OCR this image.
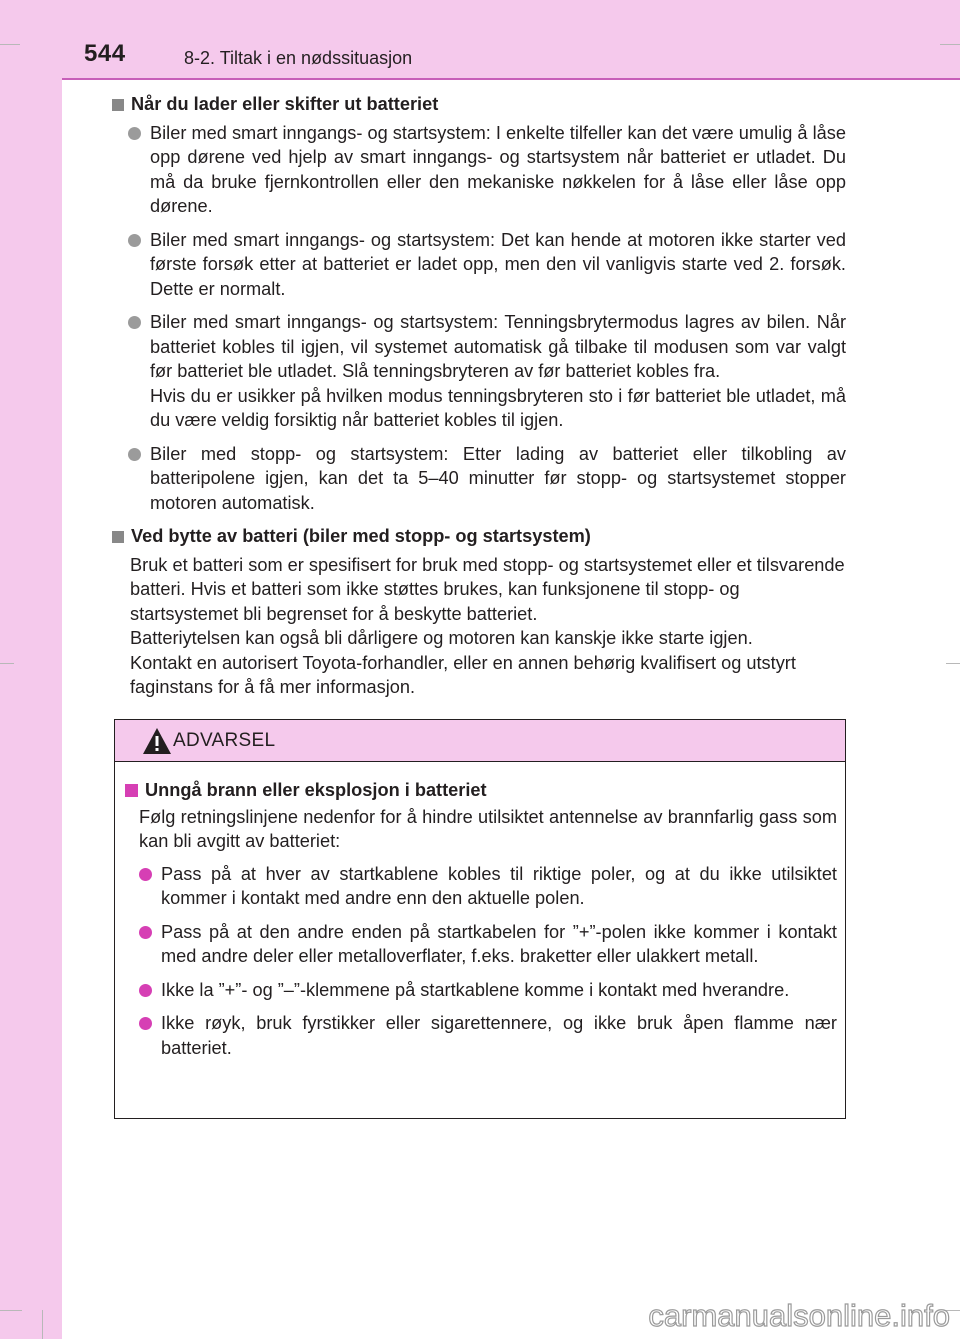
544	8-2. Tiltak i en nødssituasjon
Når du lader eller skifter ut batteriet

Biler med smart inngangs- og startsystem: I enkelte tilfeller kan det være umulig å låse opp dørene ved hjelp av smart inngangs- og startsystem når batteriet er utladet. Du må da bruke fjernkontrollen eller den mekaniske nøkkelen for å låse eller låse opp dørene.

Biler med smart inngangs- og startsystem: Det kan hende at motoren ikke starter ved første forsøk etter at batteriet er ladet opp, men den vil vanligvis starte ved 2. forsøk. Dette er normalt.

Biler med smart inngangs- og startsystem: Tenningsbrytermodus lagres av bilen. Når batteriet kobles til igjen, vil systemet automatisk gå tilbake til modusen som var valgt før batteriet ble utladet. Slå tenningsbryteren av før batteriet kobles fra.

Hvis du er usikker på hvilken modus tenningsbryteren sto i før batteriet ble utladet, må du være veldig forsiktig når batteriet kobles til igjen.

Biler med stopp- og startsystem: Etter lading av batteriet eller tilkobling av batteripolene igjen, kan det ta 5–40 minutter før stopp- og startsystemet stopper motoren automatisk.

Ved bytte av batteri (biler med stopp- og startsystem)

Bruk et batteri som er spesifisert for bruk med stopp- og startsystemet eller et tilsvarende batteri. Hvis et batteri som ikke støttes brukes, kan funksjonene til stopp- og startsystemet bli begrenset for å beskytte batteriet.

Batteriytelsen kan også bli dårligere og motoren kan kanskje ikke starte igjen.

Kontakt en autorisert Toyota-forhandler, eller en annen behørig kvalifisert og utstyrt faginstans for å få mer informasjon.

ADVARSEL
Unngå brann eller eksplosjon i batteriet
Følg retningslinjene nedenfor for å hindre utilsiktet antennelse av brannfarlig gass som kan bli avgitt av batteriet:

Pass på at hver av startkablene kobles til riktige poler, og at du ikke utilsiktet kommer i kontakt med andre enn den aktuelle polen.

Pass på at den andre enden på startkabelen for ”+”-polen ikke kommer i kontakt med andre deler eller metalloverflater, f.eks. braketter eller ulakkert metall.

Ikke la ”+”- og ”–”-klemmene på startkablene komme i kontakt med hverandre.

Ikke røyk, bruk fyrstikker eller sigarettennere, og ikke bruk åpen flamme nær batteriet.

carmanualsonline.info
